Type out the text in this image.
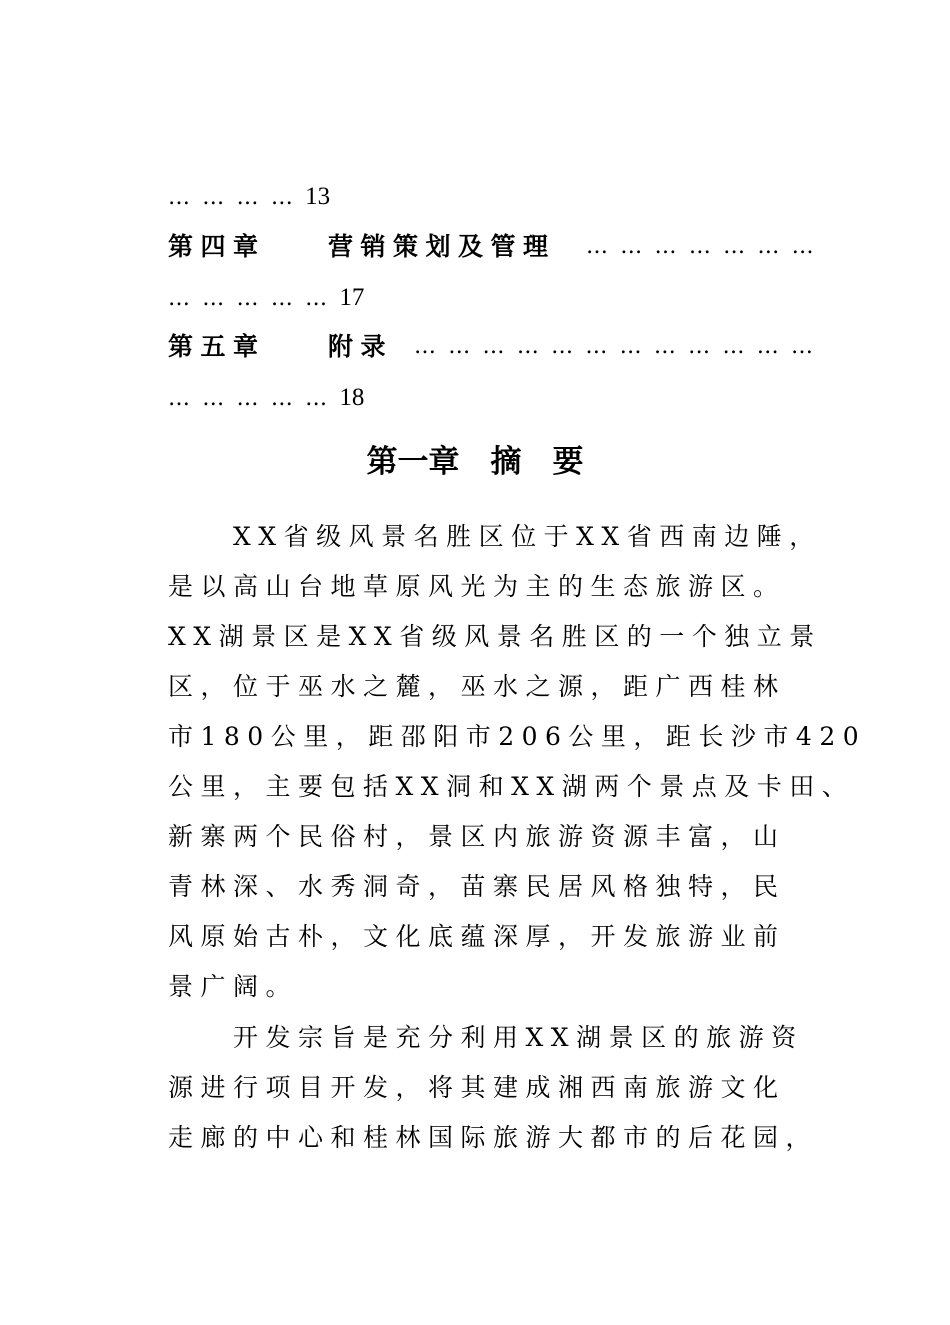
… … … … 13
第四章 营销策划及管理 … … … … … … …
… … … … … 17
第五章 附录 … … … … … … … … … … … …
… … … … … 18
第一章　摘　要
　　XX省级风景名胜区位于XX省西南边陲，
是以高山台地草原风光为主的生态旅游区。
XX湖景区是XX省级风景名胜区的一个独立景
区，位于巫水之麓，巫水之源，距广西桂林
市180公里，距邵阳市206公里，距长沙市420
公里，主要包括XX洞和XX湖两个景点及卡田、
新寨两个民俗村，景区内旅游资源丰富，山
青林深、水秀洞奇，苗寨民居风格独特，民
风原始古朴，文化底蕴深厚，开发旅游业前
景广阔。
　　开发宗旨是充分利用XX湖景区的旅游资
源进行项目开发，将其建成湘西南旅游文化
走廊的中心和桂林国际旅游大都市的后花园，
